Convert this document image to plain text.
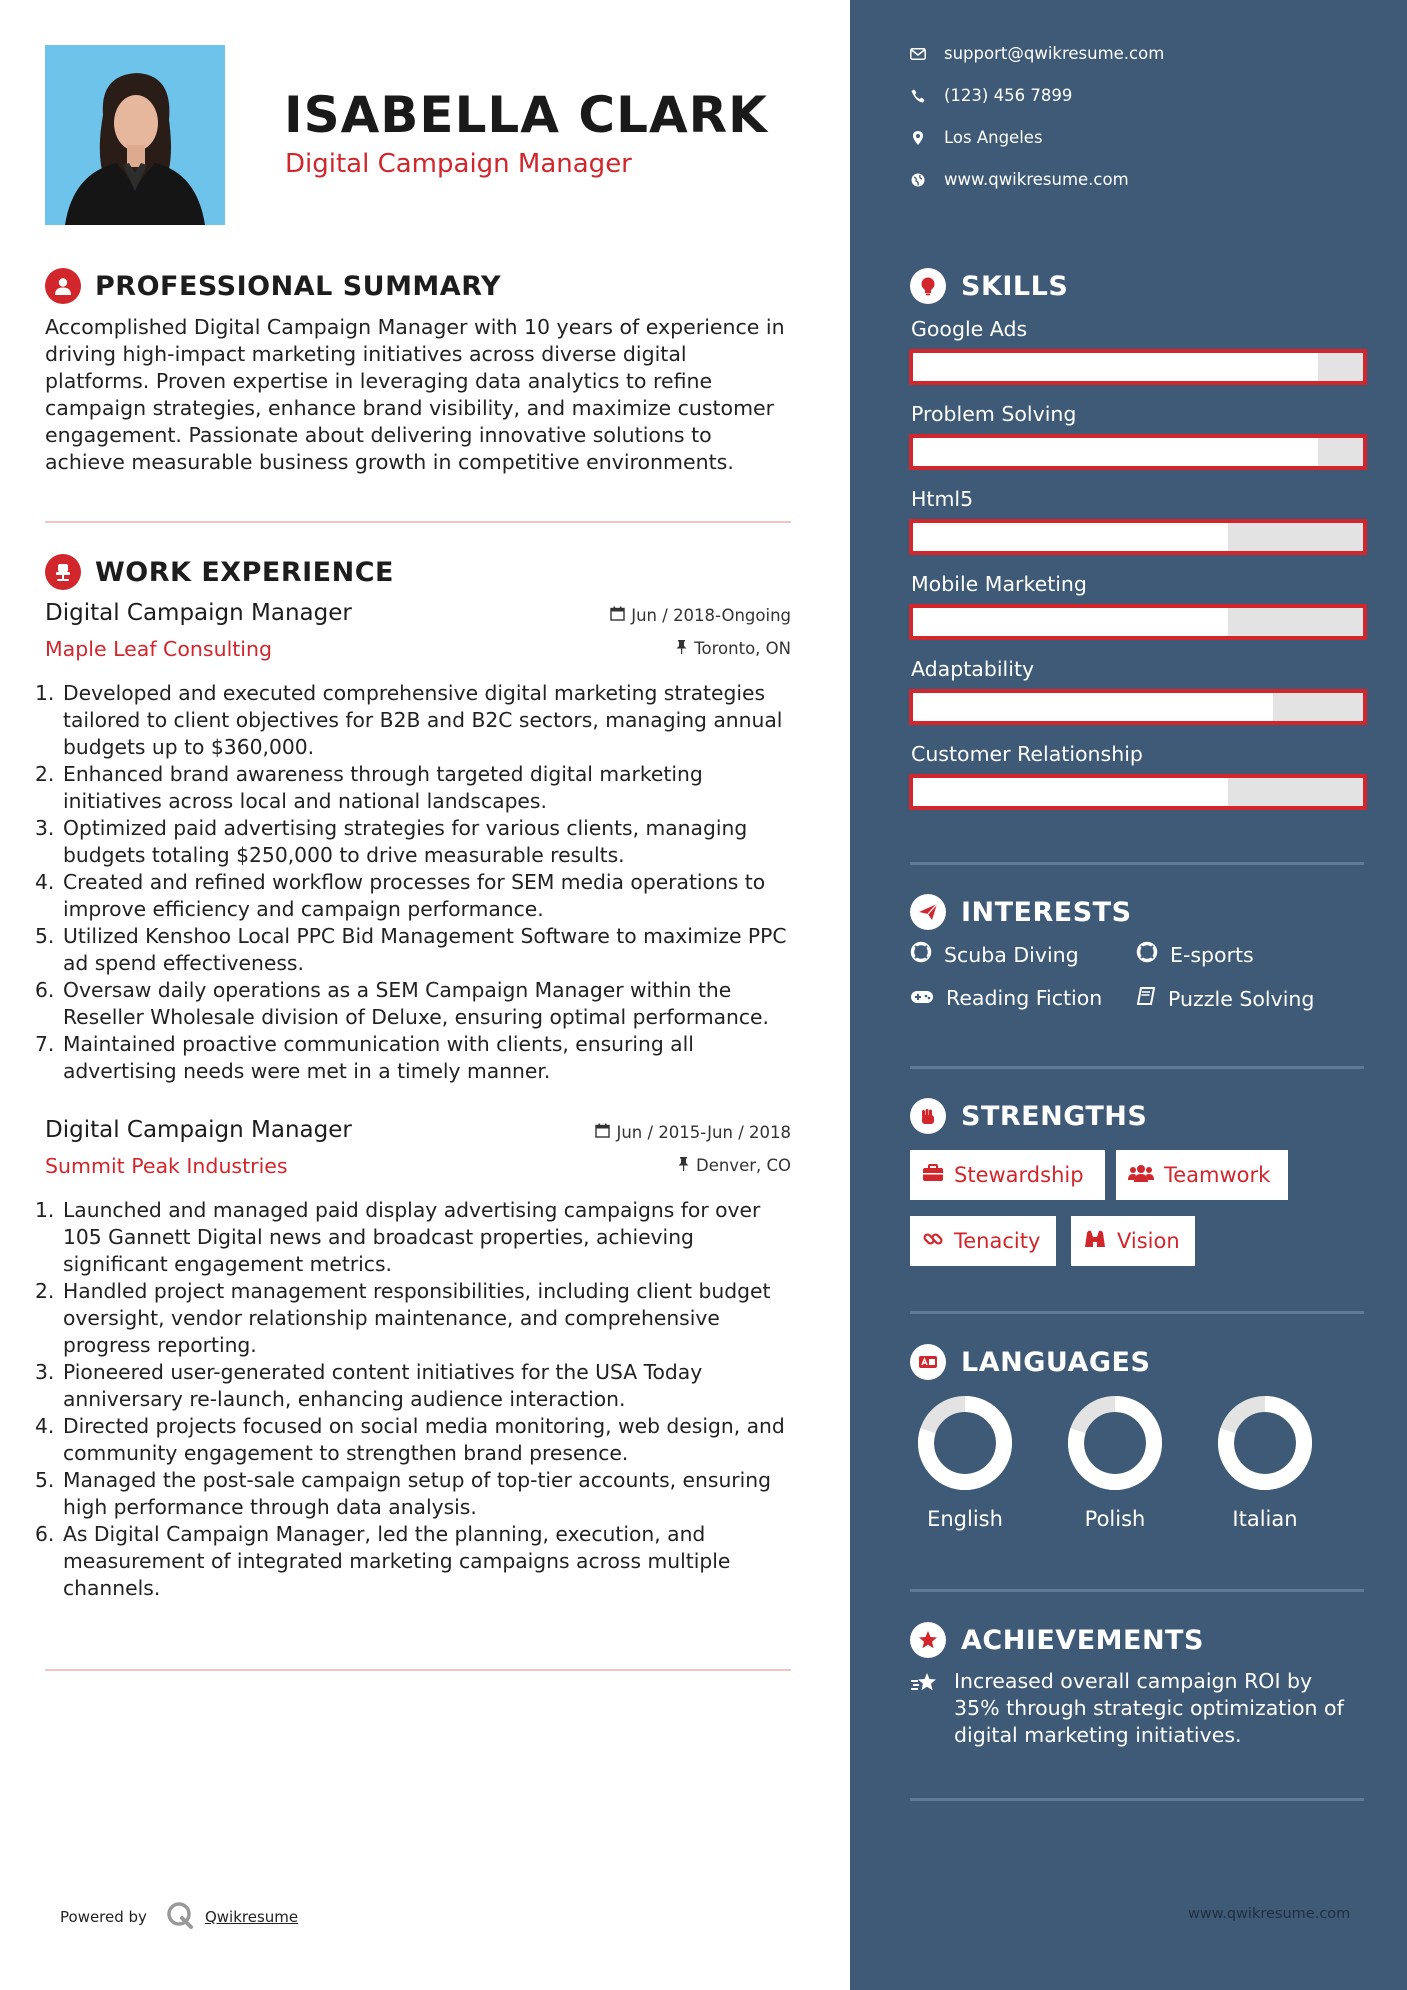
ISABELLA CLARK
Digital Campaign Manager
PROFESSIONAL SUMMARY
Accomplished Digital Campaign Manager with 10 years of experience in driving high-impact marketing initiatives across diverse digital platforms. Proven expertise in leveraging data analytics to refine campaign strategies, enhance brand visibility, and maximize customer engagement. Passionate about delivering innovative solutions to achieve measurable business growth in competitive environments.
WORK EXPERIENCE
Digital Campaign Manager	Jun / 2018-Ongoing
Maple Leaf Consulting	Toronto, ON
1. Developed and executed comprehensive digital marketing strategies tailored to client objectives for B2B and B2C sectors, managing annual budgets up to $360,000.
2. Enhanced brand awareness through targeted digital marketing initiatives across local and national landscapes.
3. Optimized paid advertising strategies for various clients, managing budgets totaling $250,000 to drive measurable results.
4. Created and refined workflow processes for SEM media operations to improve efficiency and campaign performance.
5. Utilized Kenshoo Local PPC Bid Management Software to maximize PPC ad spend effectiveness.
6. Oversaw daily operations as a SEM Campaign Manager within the Reseller Wholesale division of Deluxe, ensuring optimal performance.
7. Maintained proactive communication with clients, ensuring all advertising needs were met in a timely manner.
Digital Campaign Manager	Jun / 2015-Jun / 2018
Summit Peak Industries	Denver, CO
1. Launched and managed paid display advertising campaigns for over 105 Gannett Digital news and broadcast properties, achieving significant engagement metrics.
2. Handled project management responsibilities, including client budget oversight, vendor relationship maintenance, and comprehensive progress reporting.
3. Pioneered user-generated content initiatives for the USA Today anniversary re-launch, enhancing audience interaction.
4. Directed projects focused on social media monitoring, web design, and community engagement to strengthen brand presence.
5. Managed the post-sale campaign setup of top-tier accounts, ensuring high performance through data analysis.
6. As Digital Campaign Manager, led the planning, execution, and measurement of integrated marketing campaigns across multiple channels.
Powered by	Qwikresume
support@qwikresume.com
(123) 456 7899
Los Angeles
www.qwikresume.com
SKILLS
Google Ads
Problem Solving
Html5
Mobile Marketing
Adaptability
Customer Relationship
INTERESTS
Scuba Diving	E-sports
Reading Fiction	Puzzle Solving
STRENGTHS
Stewardship	Teamwork
Tenacity	Vision
LANGUAGES
English	Polish	Italian
ACHIEVEMENTS
Increased overall campaign ROI by 35% through strategic optimization of digital marketing initiatives.
www.qwikresume.com
